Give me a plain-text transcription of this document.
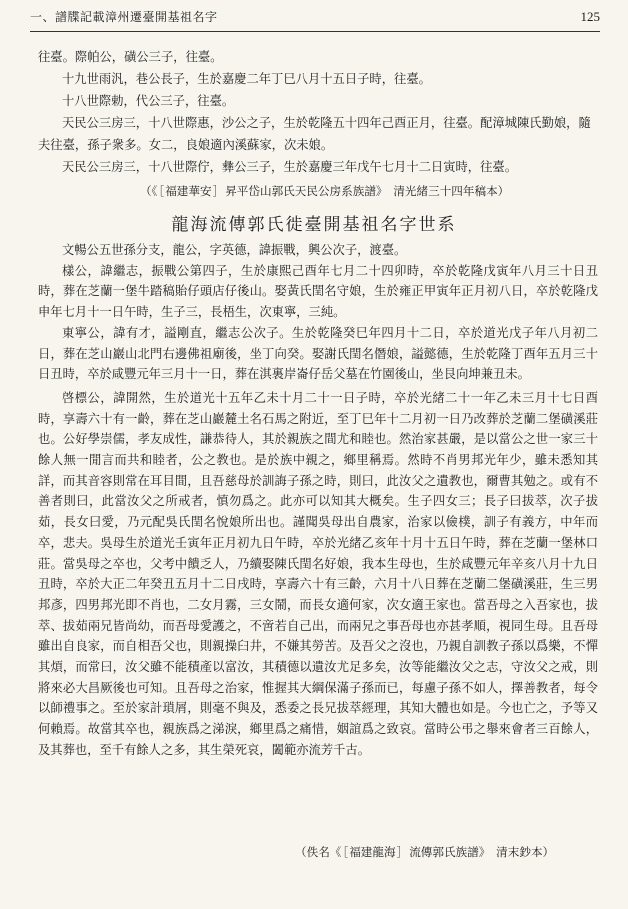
一、譜牒記載漳州遷臺開基祖名字	125

往臺。際帕公，磺公三子，往臺。

十九世雨汎，巷公長子，生於嘉慶二年丁巳八月十五日子時，往臺。

十八世際勅，代公三子，往臺。

天民公三房三，十八世際惠，沙公之子，生於乾隆五十四年己酉正月，往臺。配漳城陳氏勤娘，隨夫往臺，孫子衆多。女二，良娘適內溪蘇家，次未娘。

天民公三房三，十八世際佇，彝公三子，生於嘉慶三年戊午七月十二日寅時，往臺。

（《［福建華安］昇平岱山郭氏天民公房系族譜》  清光緒三十四年稿本）
龍海流傳郭氏徙臺開基祖名字世系

文暢公五世孫分支，龍公，字英德，諱振戰，興公次子，渡臺。

樣公，諱繼志，振戰公第四子，生於康熙己酉年七月二十四卯時，卒於乾隆戊寅年八月三十日丑時，葬在芝蘭一堡牛踏稿貽仔頭店仔後山。娶黃氏閏名守娘，生於雍正甲寅年正月初八日，卒於乾隆戊申年七月十一日午時，生子三，長梧生，次東寧，三純。

東寧公，諱有才，謚剛直，繼志公次子。生於乾隆癸巳年四月十二日，卒於道光戊子年八月初二日，葬在芝山巖山北門右邊佛祖廟後，坐丁向癸。娶謝氏閏名僭娘，謚懿德，生於乾隆丁酉年五月三十日丑時，卒於咸豐元年三月十一日，葬在淇裏岸崙仔岳父墓在竹園後山，坐艮向坤兼丑未。

啓標公，諱開然，生於道光十五年乙未十月二十一日子時，卒於光緒二十一年乙未三月十七日酉時，享壽六十有一齡，葬在芝山巖麓土名石馬之附近，至丁巳年十二月初一日乃改葬於芝蘭二堡磺溪莊也。公好學崇儒，孝友成性，謙恭待人，其於親族之間尤和睦也。然治家甚嚴，是以當公之世一家三十餘人無一閒言而共和睦者，公之教也。是於族中親之，鄉里稱焉。然時不肖男邦光年少，雖未悉知其詳，而其音容則常在耳目間，且吾慈母於訓誨子孫之時，則曰，此汝父之遺教也，爾曹其勉之。或有不善者則曰，此當汝父之所戒者，慎勿爲之。此亦可以知其大概矣。生子四女三；長子曰拔萃，次子拔茹，長女曰愛，乃元配吳氏閏名悅娘所出也。謹聞吳母出自農家，治家以儉樸，訓子有義方，中年而卒，悲夫。吳母生於道光壬寅年正月初九日午時，卒於光緒乙亥年十月十五日午時，葬在芝蘭一堡林口莊。當吳母之卒也，父考中饋乏人，乃續娶陳氏閏名好娘，我本生母也，生於咸豐元年辛亥八月十九日丑時，卒於大正二年癸丑五月十二日戌時，享壽六十有三齡，六月十八日葬在芝蘭二堡磺溪莊，生三男邦彥，四男邦光即不肖也，二女月霧，三女鬧，而長女適何家，次女適王家也。當吾母之入吾家也，拔萃、拔茹兩兄皆尚幼，而吾母愛護之，不啻若自己出，而兩兄之事吾母也亦甚孝順，視同生母。且吾母雖出自良家，而自相吾父也，則親操臼井，不嫌其勞苦。及吾父之沒也，乃親自訓教子孫以爲樂，不憚其煩，而常曰，汝父雖不能積產以富汝，其積德以遺汝尤足多矣，汝等能繼汝父之志，守汝父之戒，則將來必大昌厥後也可知。且吾母之治家，惟握其大綱保滿子孫而已，每慮子孫不如人，擇善教者，每令以師禮事之。至於家計瑣屑，則毫不與及，悉委之長兄拔萃經理，其知大體也如是。今也亡之，予等又何賴焉。故當其卒也，親族爲之涕淚，鄉里爲之痛惜，姻誼爲之致哀。當時公弔之舉來會者三百餘人，及其葬也，至千有餘人之多，其生榮死哀，闔範亦流芳千古。

（佚名《［福建龍海］流傳郭氏族譜》  清末鈔本）
